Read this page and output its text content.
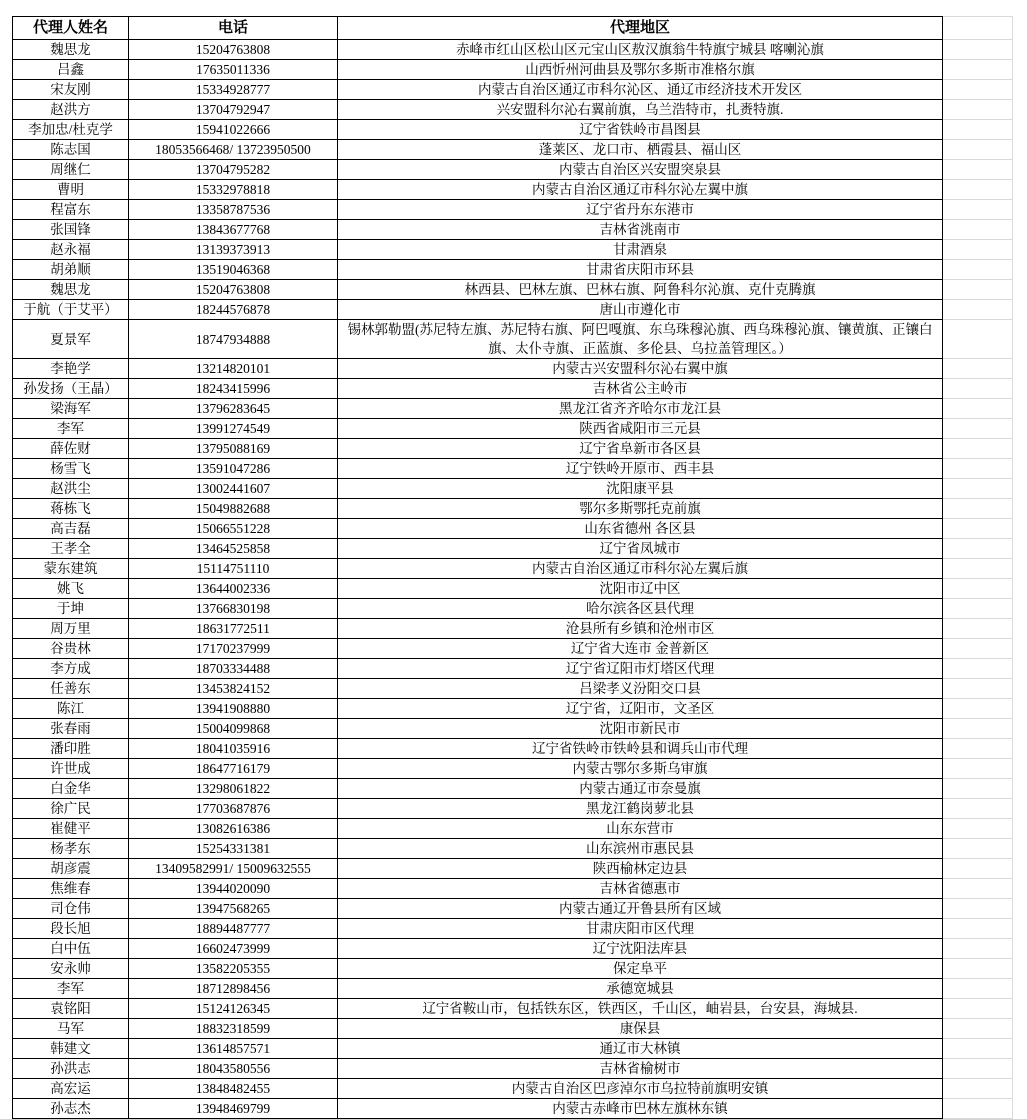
代理人姓名	电话	代理地区	
魏思龙	15204763808	赤峰市红山区松山区元宝山区敖汉旗翁牛特旗宁城县 喀喇沁旗	
吕鑫	17635011336	山西忻州河曲县及鄂尔多斯市准格尔旗	
宋友刚	15334928777	内蒙古自治区通辽市科尔沁区、通辽市经济技术开发区	
赵洪方	13704792947	兴安盟科尔沁右翼前旗，乌兰浩特市，扎赉特旗.	
李加忠/杜克学	15941022666	辽宁省铁岭市昌图县	
陈志国	18053566468/ 13723950500	蓬莱区、龙口市、栖霞县、福山区	
周继仁	13704795282	内蒙古自治区兴安盟突泉县	
曹明	15332978818	内蒙古自治区通辽市科尔沁左翼中旗	
程富东	13358787536	辽宁省丹东东港市	
张国锋	13843677768	吉林省洮南市	
赵永福	13139373913	甘肃酒泉	
胡弟顺	13519046368	甘肃省庆阳市环县	
魏思龙	15204763808	林西县、巴林左旗、巴林右旗、阿鲁科尔沁旗、克什克腾旗	
于航（于艾平）	18244576878	唐山市遵化市	
夏景军	18747934888	锡林郭勒盟(苏尼特左旗、苏尼特右旗、阿巴嘎旗、东乌珠穆沁旗、西乌珠穆沁旗、镶黄旗、正镶白旗、太仆寺旗、正蓝旗、多伦县、乌拉盖管理区。）	
李艳学	13214820101	内蒙古兴安盟科尔沁右翼中旗	
孙发扬（王晶）	18243415996	吉林省公主岭市	
梁海军	13796283645	黑龙江省齐齐哈尔市龙江县	
李军	13991274549	陕西省咸阳市三元县	
薛佐财	13795088169	辽宁省阜新市各区县	
杨雪飞	13591047286	辽宁铁岭开原市、西丰县	
赵洪尘	13002441607	沈阳康平县	
蒋栋飞	15049882688	鄂尔多斯鄂托克前旗	
高吉磊	15066551228	山东省德州 各区县	
王孝全	13464525858	辽宁省凤城市	
蒙东建筑	15114751110	内蒙古自治区通辽市科尔沁左翼后旗	
姚飞	13644002336	沈阳市辽中区	
于坤	13766830198	哈尔滨各区县代理	
周万里	18631772511	沧县所有乡镇和沧州市区	
谷贵林	17170237999	辽宁省大连市 金普新区	
李方成	18703334488	辽宁省辽阳市灯塔区代理	
任善东	13453824152	吕梁孝义汾阳交口县	
陈江	13941908880	辽宁省，辽阳市，文圣区	
张春雨	15004099868	沈阳市新民市	
潘印胜	18041035916	辽宁省铁岭市铁岭县和调兵山市代理	
许世成	18647716179	内蒙古鄂尔多斯乌审旗	
白金华	13298061822	内蒙古通辽市奈曼旗	
徐广民	17703687876	黑龙江鹤岗萝北县	
崔健平	13082616386	山东东营市	
杨孝东	15254331381	山东滨州市惠民县	
胡彦震	13409582991/ 15009632555	陕西榆林定边县	
焦维春	13944020090	吉林省德惠市	
司仓伟	13947568265	内蒙古通辽开鲁县所有区域	
段长旭	18894487777	甘肃庆阳市区代理	
白中伍	16602473999	辽宁沈阳法库县	
安永帅	13582205355	保定阜平	
李军	18712898456	承德宽城县	
袁铭阳	15124126345	辽宁省鞍山市，包括铁东区，铁西区，千山区，岫岩县，台安县，海城县.	
马军	18832318599	康保县	
韩建文	13614857571	通辽市大林镇	
孙洪志	18043580556	吉林省榆树市	
高宏运	13848482455	内蒙古自治区巴彦淖尔市乌拉特前旗明安镇	
孙志杰	13948469799	内蒙古赤峰市巴林左旗林东镇	
